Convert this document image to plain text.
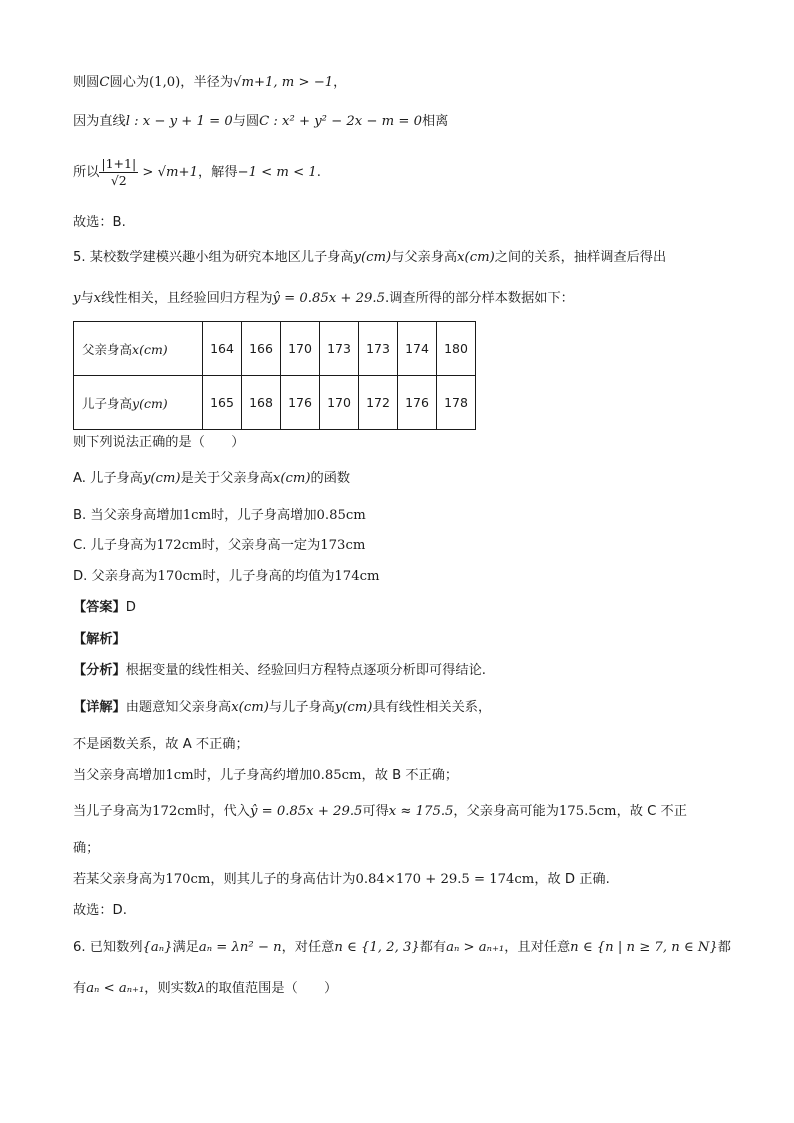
则圆C圆心为(1,0)，半径为√m+1, m > −1，
因为直线l : x − y + 1 = 0与圆C : x² + y² − 2x − m = 0相离
所以 $\frac{|1+1|}{√2} > √m+1$，解得−1 < m < 1.
故选：B.
5. 某校数学建模兴趣小组为研究本地区儿子身高y(cm)与父亲身高x(cm)之间的关系，抽样调查后得出
y与x线性相关，且经验回归方程为ŷ = 0.85x + 29.5.调查所得的部分样本数据如下：
父亲身高x(cm)	164	166	170	173	173	174	180
儿子身高y(cm)	165	168	176	170	172	176	178
则下列说法正确的是（　　）
A. 儿子身高y(cm)是关于父亲身高x(cm)的函数
B. 当父亲身高增加1cm时，儿子身高增加0.85cm
C. 儿子身高为172cm时，父亲身高一定为173cm
D. 父亲身高为170cm时，儿子身高的均值为174cm
【答案】D
【解析】
【分析】根据变量的线性相关、经验回归方程特点逐项分析即可得结论.
【详解】由题意知父亲身高x(cm)与儿子身高y(cm)具有线性相关关系，
不是函数关系，故 A 不正确；
当父亲身高增加1cm时，儿子身高约增加0.85cm，故 B 不正确；
当儿子身高为172cm时，代入ŷ = 0.85x + 29.5可得x ≈ 175.5，父亲身高可能为175.5cm，故 C 不正
确；
若某父亲身高为170cm，则其儿子的身高估计为0.84×170 + 29.5 = 174cm，故 D 正确.
故选：D.
6. 已知数列{aₙ}满足aₙ = λn² − n，对任意n ∈ {1, 2, 3}都有aₙ > aₙ₊₁，且对任意n ∈ {n | n ≥ 7, n ∈ N}都
有aₙ < aₙ₊₁，则实数λ的取值范围是（　　）
